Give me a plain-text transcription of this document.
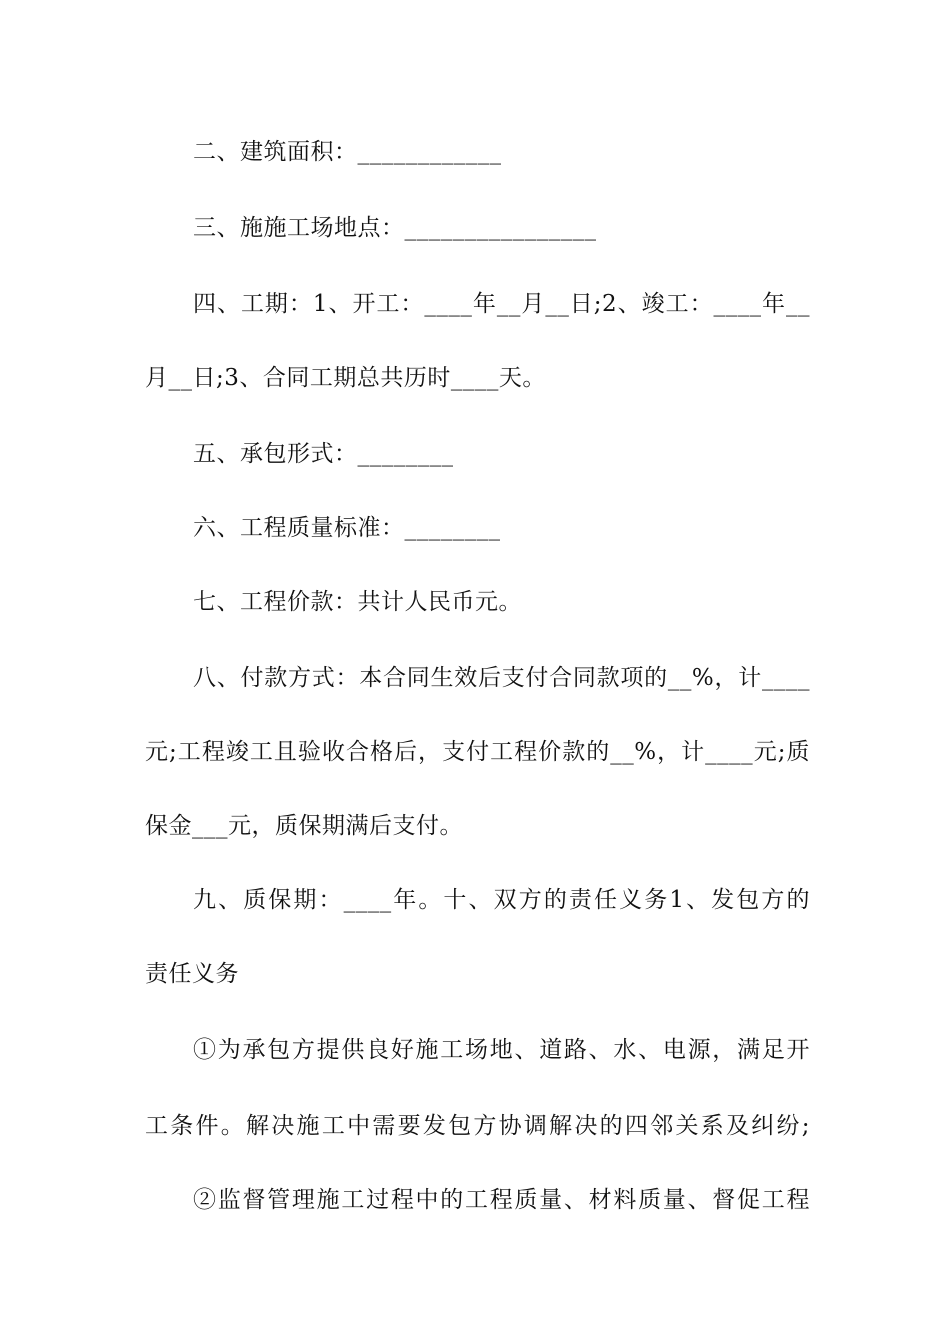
二、建筑面积：____________
三、施施工场地点：________________
四、工期：1、开工：____年__月__日;2、竣工：____年__
月__日;3、合同工期总共历时____天。
五、承包形式：________
六、工程质量标准：________
七、工程价款：共计人民币元。
八、付款方式：本合同生效后支付合同款项的__%，计____
元;工程竣工且验收合格后，支付工程价款的__%，计____元;质
保金___元，质保期满后支付。
九、质保期：____年。十、双方的责任义务1、发包方的
责任义务
①为承包方提供良好施工场地、道路、水、电源，满足开
工条件。解决施工中需要发包方协调解决的四邻关系及纠纷;
②监督管理施工过程中的工程质量、材料质量、督促工程
